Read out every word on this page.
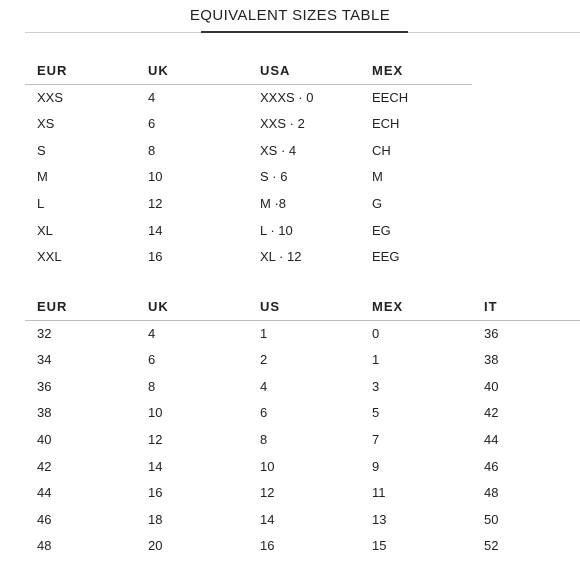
EQUIVALENT SIZES TABLE
EUR	UK	USA	MEX
XXS	4	XXXS · 0	EECH
XS	6	XXS · 2	ECH
S	8	XS · 4	CH
M	10	S · 6	M
L	12	M ·8	G
XL	14	L · 10	EG
XXL	16	XL · 12	EEG
EUR	UK	US	MEX	IT
32	4	1	0	36
34	6	2	1	38
36	8	4	3	40
38	10	6	5	42
40	12	8	7	44
42	14	10	9	46
44	16	12	11	48
46	18	14	13	50
48	20	16	15	52
